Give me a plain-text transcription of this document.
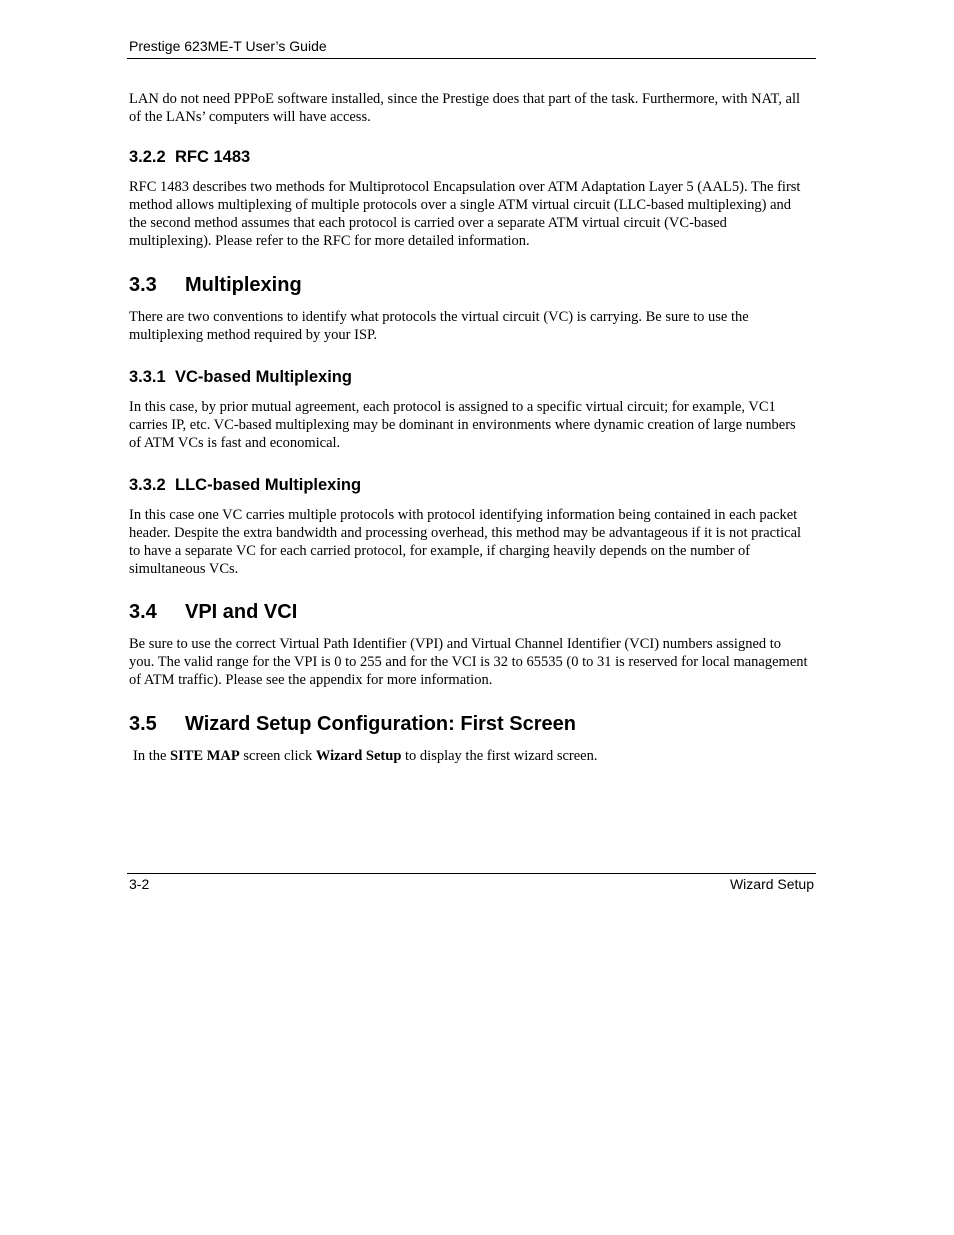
Prestige 623ME-T User’s Guide
LAN do not need PPPoE software installed, since the Prestige does that part of the task. Furthermore, with NAT, all of the LANs’ computers will have access.
3.2.2 RFC 1483
RFC 1483 describes two methods for Multiprotocol Encapsulation over ATM Adaptation Layer 5 (AAL5). The first method allows multiplexing of multiple protocols over a single ATM virtual circuit (LLC-based multiplexing) and the second method assumes that each protocol is carried over a separate ATM virtual circuit (VC-based multiplexing). Please refer to the RFC for more detailed information.
3.3 Multiplexing
There are two conventions to identify what protocols the virtual circuit (VC) is carrying. Be sure to use the multiplexing method required by your ISP.
3.3.1 VC-based Multiplexing
In this case, by prior mutual agreement, each protocol is assigned to a specific virtual circuit; for example, VC1 carries IP, etc. VC-based multiplexing may be dominant in environments where dynamic creation of large numbers of ATM VCs is fast and economical.
3.3.2 LLC-based Multiplexing
In this case one VC carries multiple protocols with protocol identifying information being contained in each packet header. Despite the extra bandwidth and processing overhead, this method may be advantageous if it is not practical to have a separate VC for each carried protocol, for example, if charging heavily depends on the number of simultaneous VCs.
3.4 VPI and VCI
Be sure to use the correct Virtual Path Identifier (VPI) and Virtual Channel Identifier (VCI) numbers assigned to you. The valid range for the VPI is 0 to 255 and for the VCI is 32 to 65535 (0 to 31 is reserved for local management of ATM traffic). Please see the appendix for more information.
3.5 Wizard Setup Configuration: First Screen
In the SITE MAP screen click Wizard Setup to display the first wizard screen.
3-2	Wizard Setup
